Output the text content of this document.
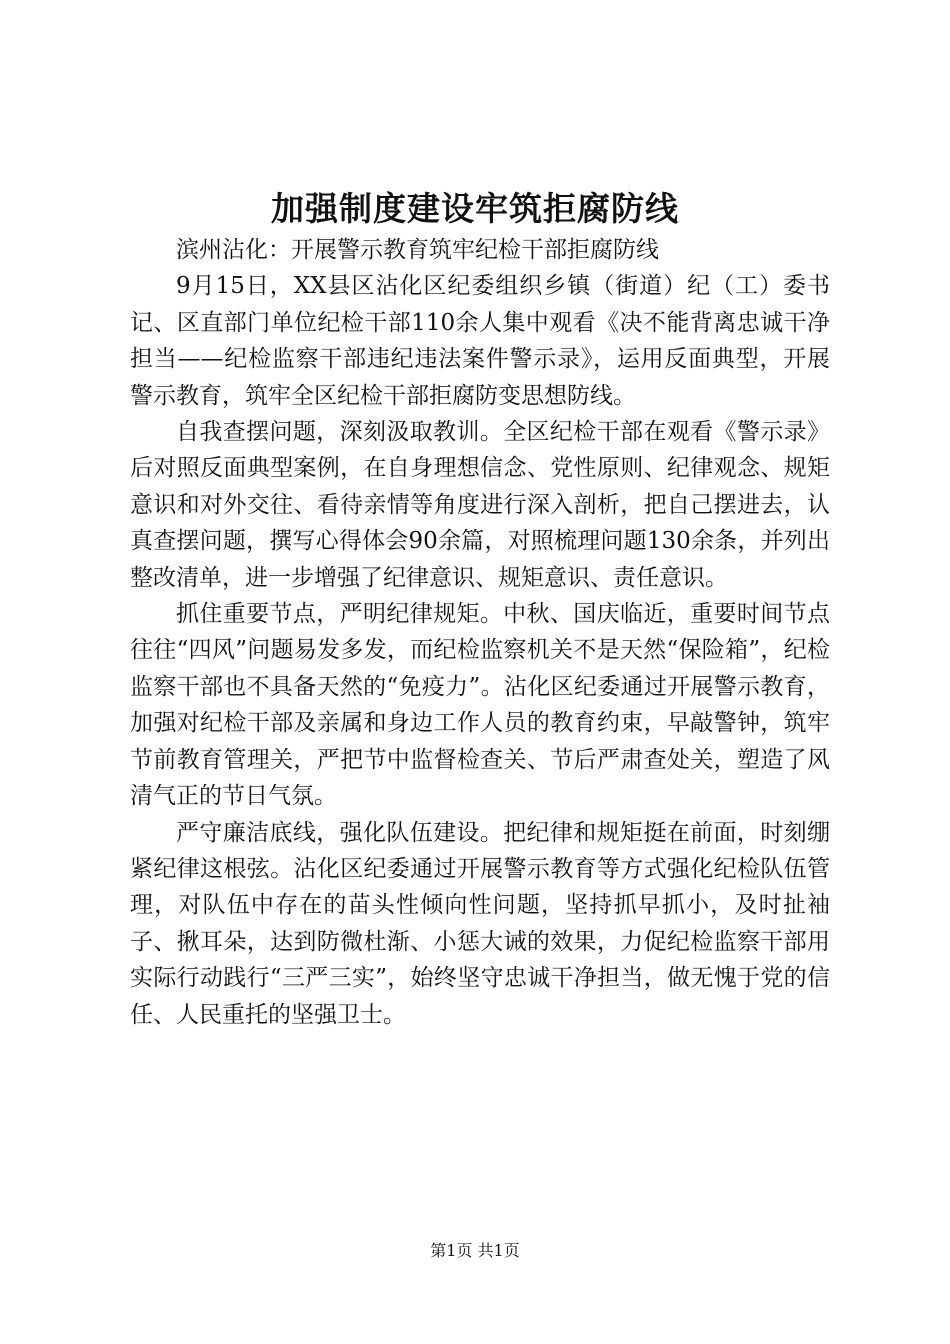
加强制度建设牢筑拒腐防线

滨州沾化：开展警示教育筑牢纪检干部拒腐防线

9月15日，XX县区沾化区纪委组织乡镇（街道）纪（工）委书记、区直部门单位纪检干部110余人集中观看《决不能背离忠诚干净担当——纪检监察干部违纪违法案件警示录》，运用反面典型，开展警示教育，筑牢全区纪检干部拒腐防变思想防线。

自我查摆问题，深刻汲取教训。全区纪检干部在观看《警示录》后对照反面典型案例，在自身理想信念、党性原则、纪律观念、规矩意识和对外交往、看待亲情等角度进行深入剖析，把自己摆进去，认真查摆问题，撰写心得体会90余篇，对照梳理问题130余条，并列出整改清单，进一步增强了纪律意识、规矩意识、责任意识。

抓住重要节点，严明纪律规矩。中秋、国庆临近，重要时间节点往往“四风”问题易发多发，而纪检监察机关不是天然“保险箱”，纪检监察干部也不具备天然的“免疫力”。沾化区纪委通过开展警示教育，加强对纪检干部及亲属和身边工作人员的教育约束，早敲警钟，筑牢节前教育管理关，严把节中监督检查关、节后严肃查处关，塑造了风清气正的节日气氛。

严守廉洁底线，强化队伍建设。把纪律和规矩挺在前面，时刻绷紧纪律这根弦。沾化区纪委通过开展警示教育等方式强化纪检队伍管理，对队伍中存在的苗头性倾向性问题，坚持抓早抓小，及时扯袖子、揪耳朵，达到防微杜渐、小惩大诫的效果，力促纪检监察干部用实际行动践行“三严三实”，始终坚守忠诚干净担当，做无愧于党的信任、人民重托的坚强卫士。

第1页 共1页
